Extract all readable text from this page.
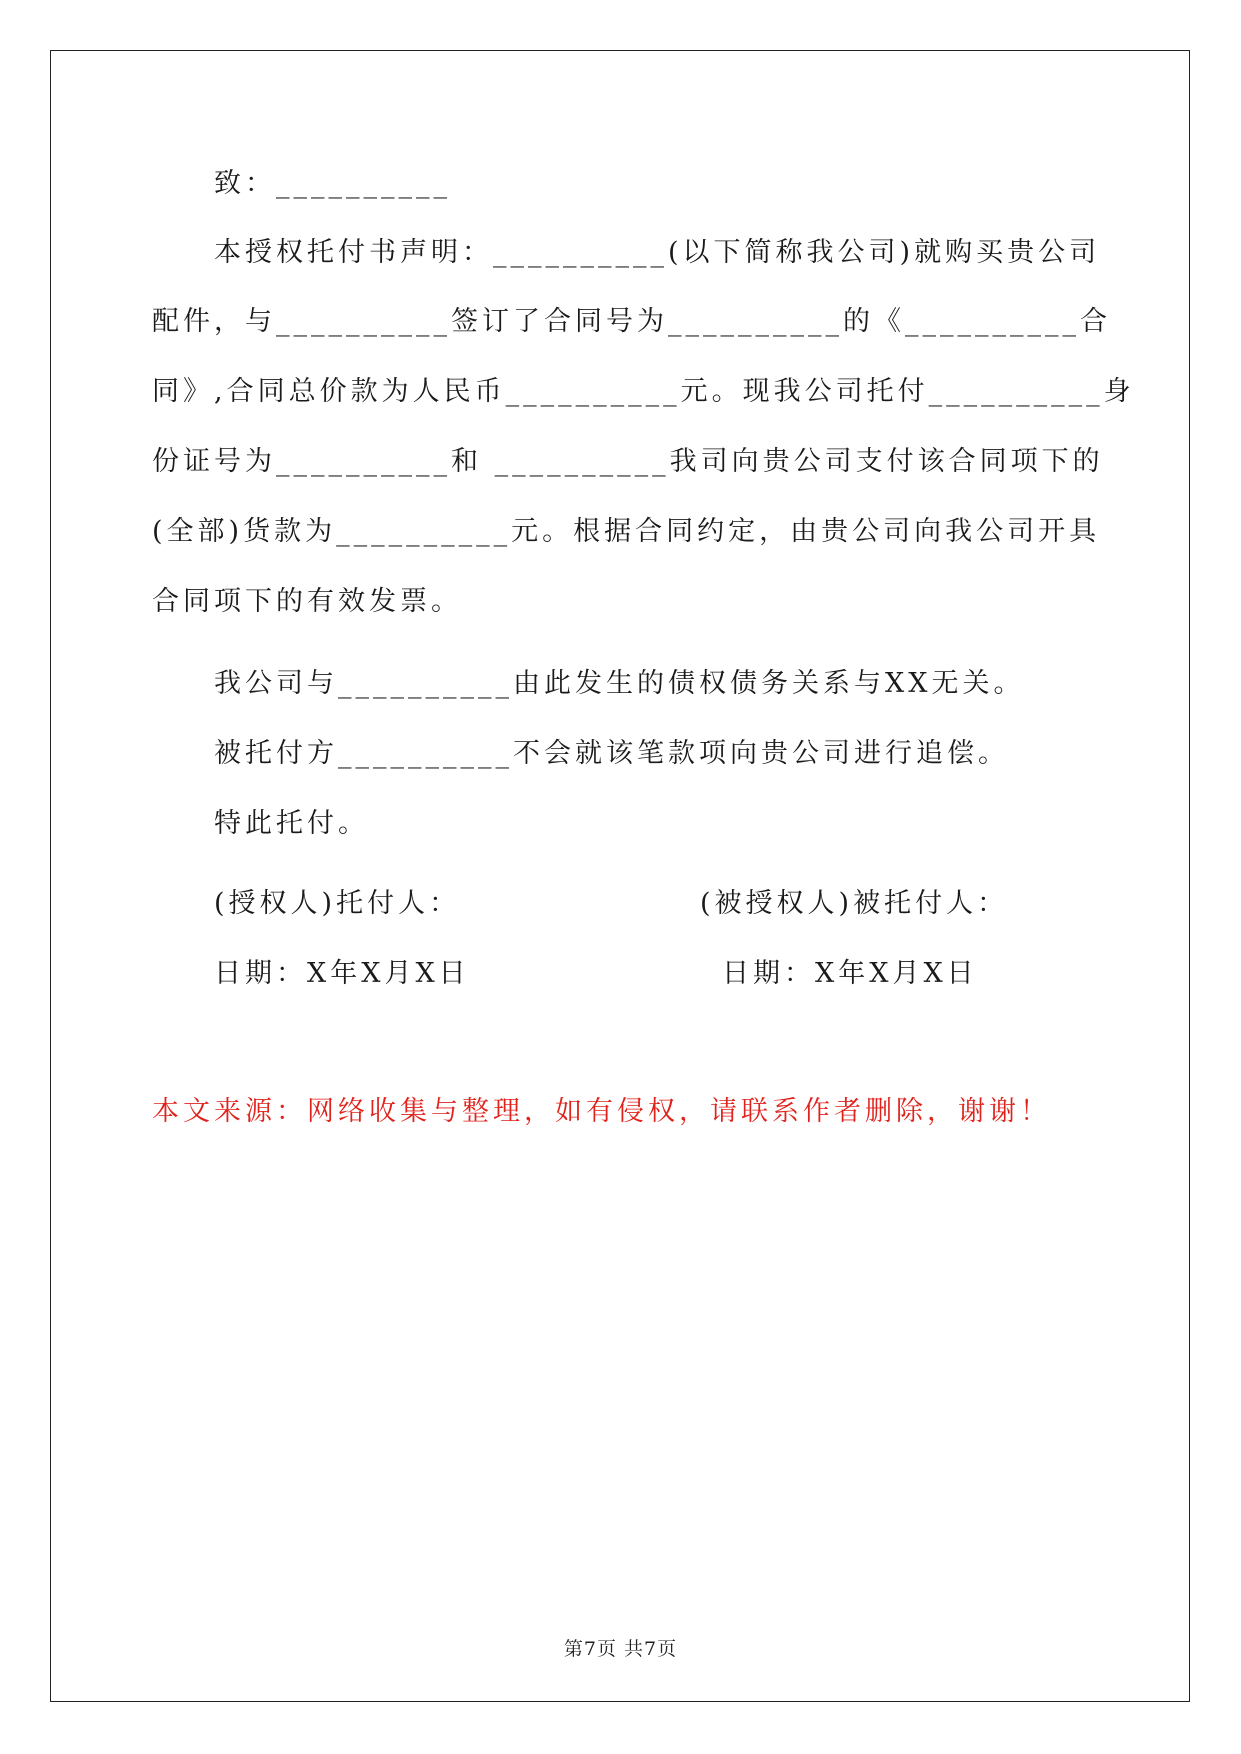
致：__________
本授权托付书声明：__________(以下简称我公司)就购买贵公司
配件，与__________签订了合同号为__________的《__________合
同》,合同总价款为人民币__________元。现我公司托付__________身
份证号为__________和 __________我司向贵公司支付该合同项下的
(全部)货款为__________元。根据合同约定，由贵公司向我公司开具
合同项下的有效发票。
我公司与__________由此发生的债权债务关系与XX无关。
被托付方__________不会就该笔款项向贵公司进行追偿。
特此托付。
(授权人)托付人：	(被授权人)被托付人：
日期：X年X月X日	日期：X年X月X日
本文来源：网络收集与整理，如有侵权，请联系作者删除，谢谢！
第7页 共7页
